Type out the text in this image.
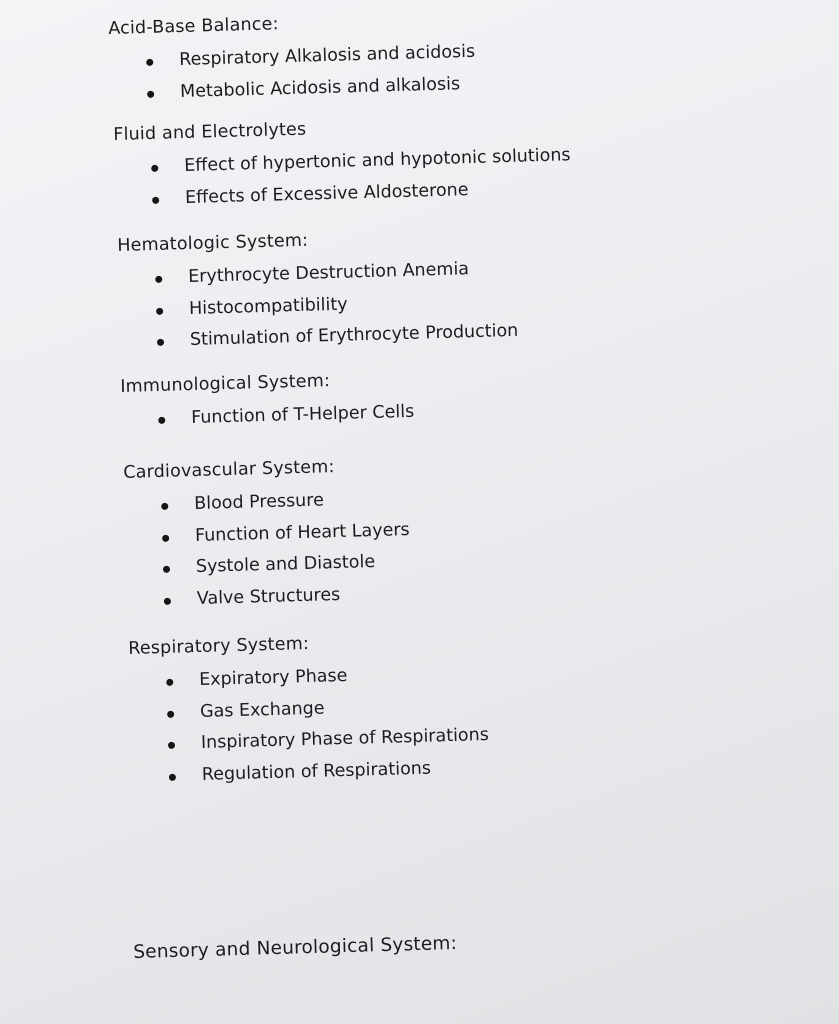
Acid-Base Balance:

Respiratory Alkalosis and acidosis
Metabolic Acidosis and alkalosis

Fluid and Electrolytes

Effect of hypertonic and hypotonic solutions
Effects of Excessive Aldosterone

Hematologic System:

Erythrocyte Destruction Anemia
Histocompatibility
Stimulation of Erythrocyte Production

Immunological System:

Function of T-Helper Cells

Cardiovascular System:

Blood Pressure
Function of Heart Layers
Systole and Diastole
Valve Structures

Respiratory System:

Expiratory Phase
Gas Exchange
Inspiratory Phase of Respirations
Regulation of Respirations

Sensory and Neurological System:
